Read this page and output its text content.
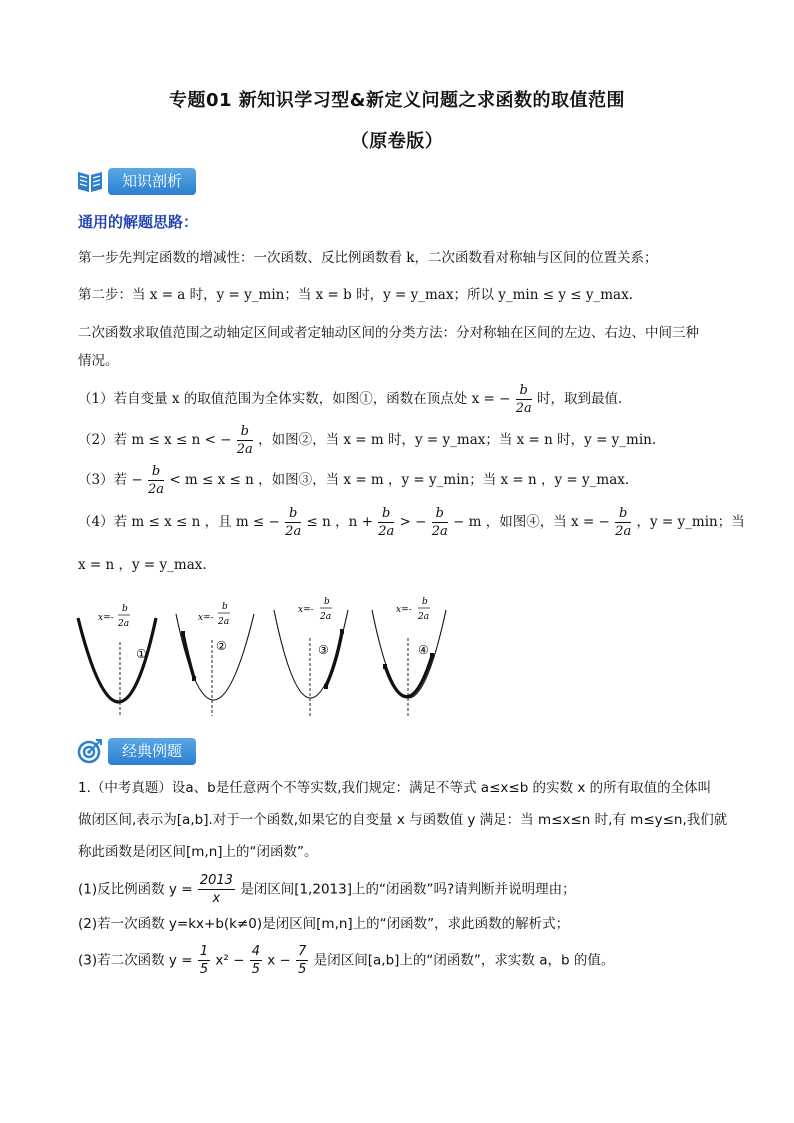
专题01 新知识学习型&新定义问题之求函数的取值范围
（原卷版）
知识剖析
通用的解题思路：
第一步先判定函数的增减性：一次函数、反比例函数看 k，二次函数看对称轴与区间的位置关系；
第二步：当 x = a 时，y = y_min；当 x = b 时，y = y_max；所以 y_min ≤ y ≤ y_max.
二次函数求取值范围之动轴定区间或者定轴动区间的分类方法：分对称轴在区间的左边、右边、中间三种
情况。
（1）若自变量 x 的取值范围为全体实数，如图①，函数在顶点处 x = − $\frac{b}{2a}$ 时，取到最值.
（2）若 m ≤ x ≤ n < − $\frac{b}{2a}$ ，如图②，当 x = m 时，y = y_max；当 x = n 时，y = y_min.
（3）若 − $\frac{b}{2a} < m \le x \le n$ ，如图③，当 x = m ，y = y_min；当 x = n ，y = y_max.
（4）若 m ≤ x ≤ n ，且 m ≤ − $\frac{b}{2a} \le n$ ，$n + \frac{b}{2a}$ > − $\frac{b}{2a} - m$ ，如图④，当 x = − $\frac{b}{2a}$ ，y = y_min；当
x = n ，y = y_max.
x=-
b
2a
①
x=-
b
2a
②
x=-
b
2a
③
x=-
b
2a
④
经典例题
1.（中考真题）设a、b是任意两个不等实数,我们规定：满足不等式 a≤x≤b 的实数 x 的所有取值的全体叫
做闭区间,表示为[a,b].对于一个函数,如果它的自变量 x 与函数值 y 满足：当 m≤x≤n 时,有 m≤y≤n,我们就
称此函数是闭区间[m,n]上的“闭函数”。
(1)反比例函数 $y = \frac{2013}{x}$ 是闭区间[1,2013]上的“闭函数”吗?请判断并说明理由；
(2)若一次函数 y=kx+b(k≠0)是闭区间[m,n]上的“闭函数”，求此函数的解析式；
(3)若二次函数 $y = \frac{1}{5} x^2 - \frac{4}{5}$ $x - \frac{7}{5}$ 是闭区间[a,b]上的“闭函数”，求实数 a，b 的值。
